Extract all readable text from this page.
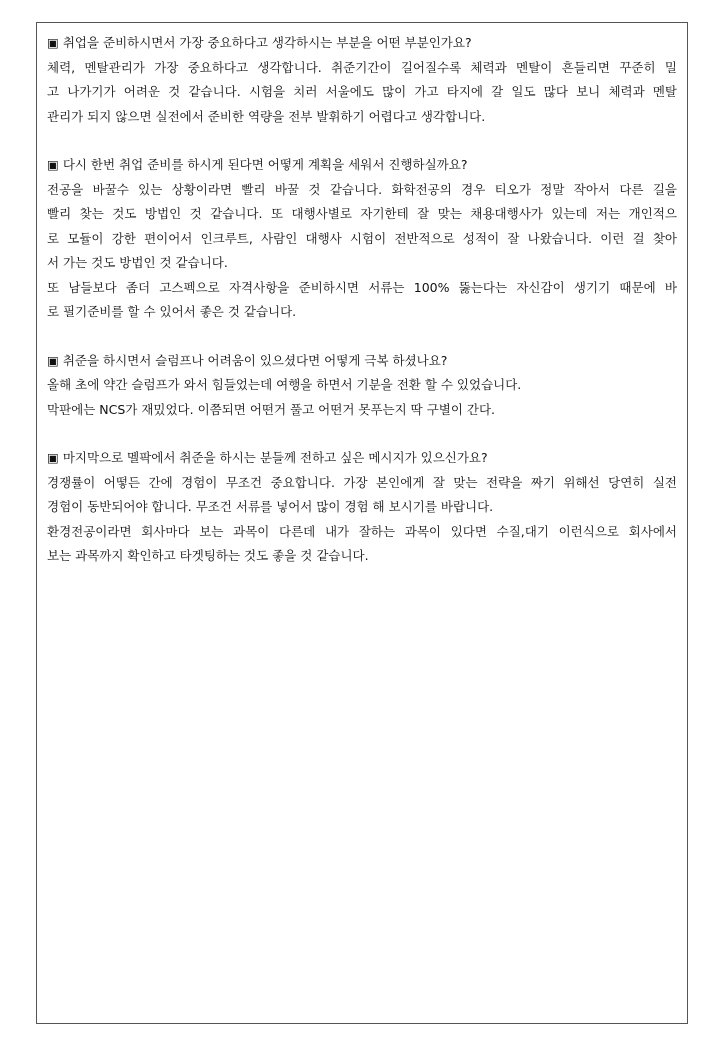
▣ 취업을 준비하시면서 가장 중요하다고 생각하시는 부분을 어떤 부분인가요?
체력, 멘탈관리가 가장 중요하다고 생각합니다. 취준기간이 길어질수록 체력과 멘탈이 흔들리면 꾸준히 밀
고 나가기가 어려운 것 같습니다. 시험을 치러 서울에도 많이 가고 타지에 갈 일도 많다 보니 체력과 멘탈
관리가 되지 않으면 실전에서 준비한 역량을 전부 발휘하기 어렵다고 생각합니다.
▣ 다시 한번 취업 준비를 하시게 된다면 어떻게 계획을 세워서 진행하실까요?
전공을 바꿀수 있는 상황이라면 빨리 바꿀 것 같습니다. 화학전공의 경우 티오가 정말 작아서 다른 길을
빨리 찾는 것도 방법인 것 같습니다. 또 대행사별로 자기한테 잘 맞는 채용대행사가 있는데 저는 개인적으
로 모듈이 강한 편이어서 인크루트, 사람인 대행사 시험이 전반적으로 성적이 잘 나왔습니다. 이런 걸 찾아
서 가는 것도 방법인 것 같습니다.
또 남들보다 좀더 고스펙으로 자격사항을 준비하시면 서류는 100% 뚫는다는 자신감이 생기기 때문에 바
로 필기준비를 할 수 있어서 좋은 것 같습니다.
▣ 취준을 하시면서 슬럼프나 어려움이 있으셨다면 어떻게 극복 하셨나요?
올해 초에 약간 슬럼프가 와서 힘들었는데 여행을 하면서 기분을 전환 할 수 있었습니다.
막판에는 NCS가 재밌었다. 이쯤되면 어떤거 풀고 어떤거 못푸는지 딱 구별이 간다.
▣ 마지막으로 멜팍에서 취준을 하시는 분들께 전하고 싶은 메시지가 있으신가요?
경쟁률이 어떻든 간에 경험이 무조건 중요합니다. 가장 본인에게 잘 맞는 전략을 짜기 위해선 당연히 실전
경험이 동반되어야 합니다. 무조건 서류를 넣어서 많이 경험 해 보시기를 바랍니다.
환경전공이라면 회사마다 보는 과목이 다른데 내가 잘하는 과목이 있다면 수질,대기 이런식으로 회사에서
보는 과목까지 확인하고 타겟팅하는 것도 좋을 것 같습니다.
